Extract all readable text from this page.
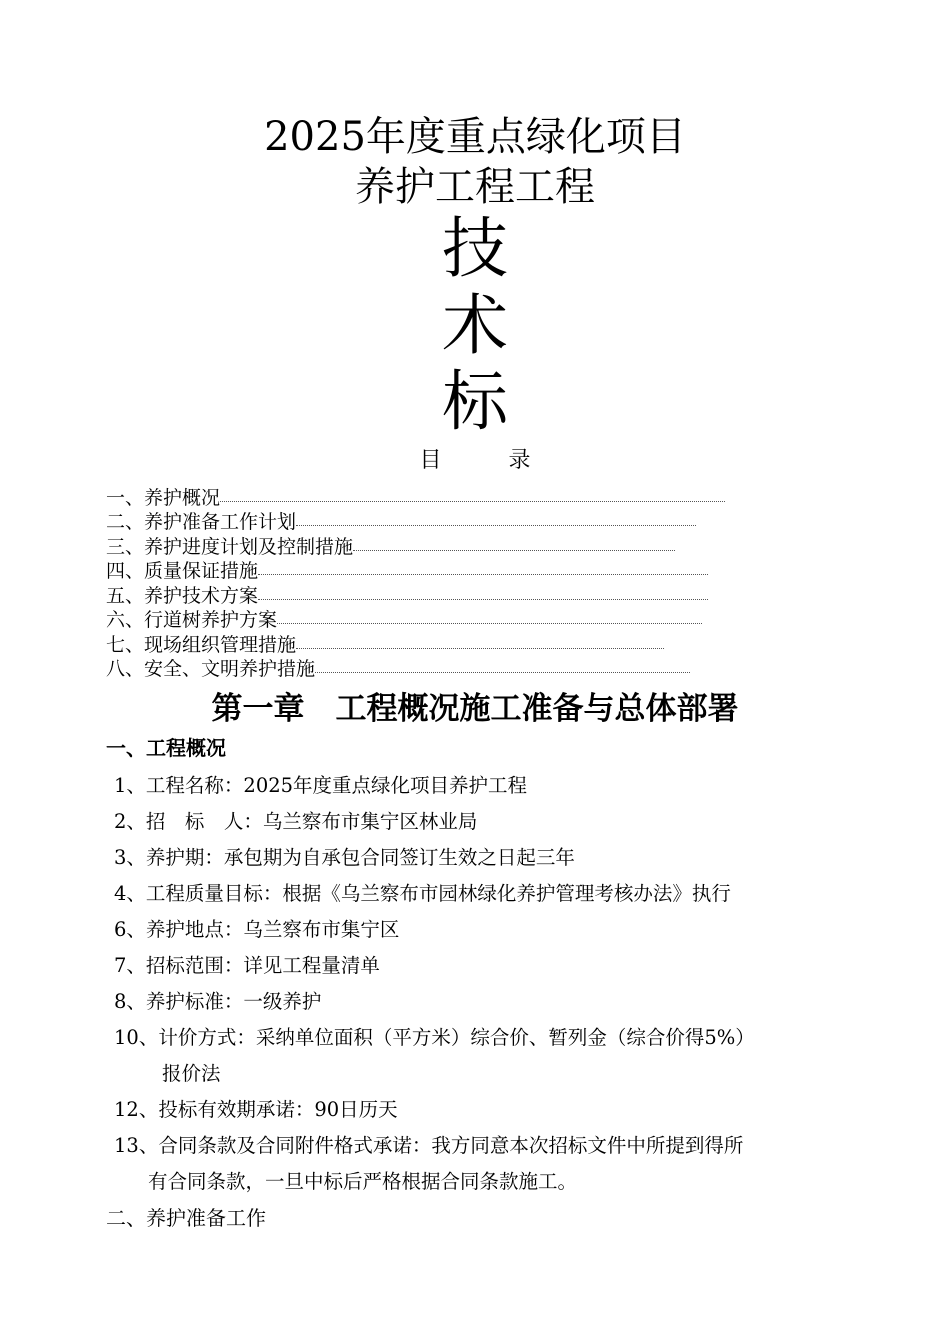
2025年度重点绿化项目
养护工程工程
技
术
标
目 录
一、养护概况
二、养护准备工作计划
三、养护进度计划及控制措施
四、质量保证措施
五、养护技术方案
六、行道树养护方案
七、现场组织管理措施
八、安全、文明养护措施
第一章　工程概况施工准备与总体部署
一、工程概况
1、工程名称：2025年度重点绿化项目养护工程
2、招　标　人：乌兰察布市集宁区林业局
3、养护期：承包期为自承包合同签订生效之日起三年
4、工程质量目标：根据《乌兰察布市园林绿化养护管理考核办法》执行
6、养护地点：乌兰察布市集宁区
7、招标范围：详见工程量清单
8、养护标准：一级养护
10、计价方式：采纳单位面积（平方米）综合价、暂列金（综合价得5%）
报价法
12、投标有效期承诺：90日历天
13、合同条款及合同附件格式承诺：我方同意本次招标文件中所提到得所
有合同条款，一旦中标后严格根据合同条款施工。
二、养护准备工作
